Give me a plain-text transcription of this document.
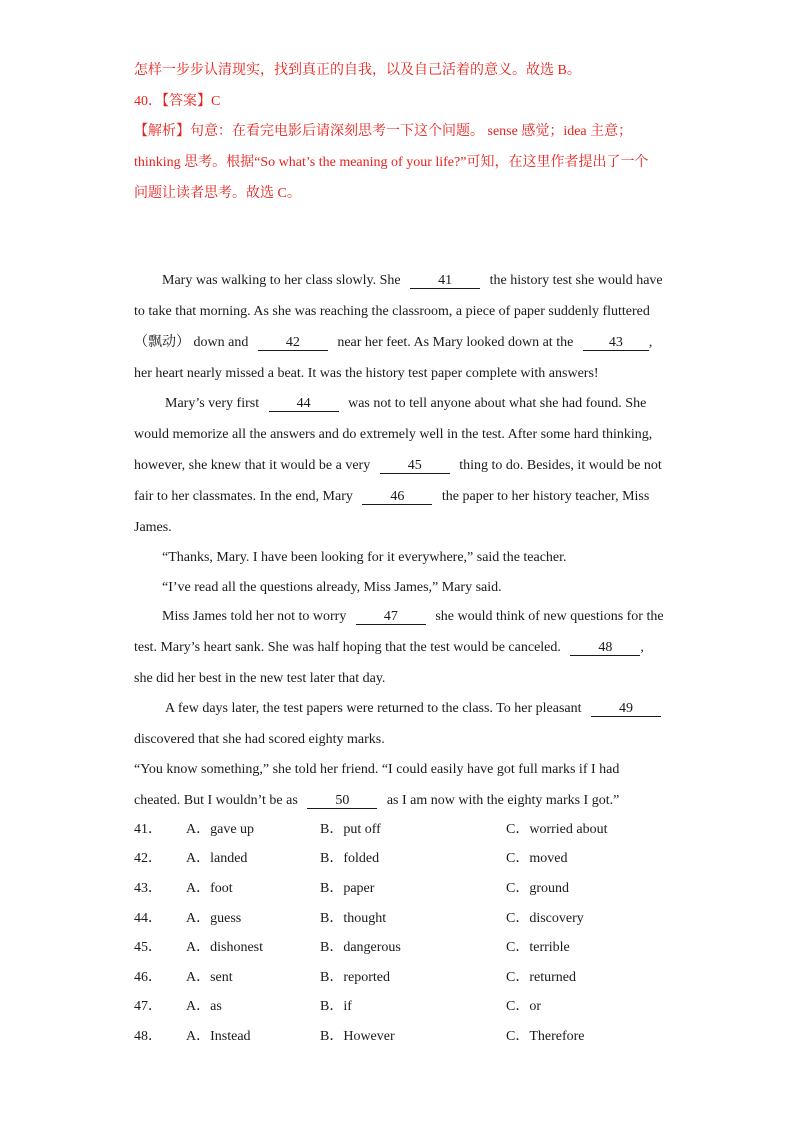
怎样一步步认清现实，找到真正的自我，以及自己活着的意义。故选 B。
40．【答案】C
【解析】句意：在看完电影后请深刻思考一下这个问题。 sense 感觉；idea 主意；
thinking 思考。根据“So what’s the meaning of your life?”可知，在这里作者提出了一个
问题让读者思考。故选 C。
Mary was walking to her class slowly. She	41	the history test she would have
to take that morning. As she was reaching the classroom, a piece of paper suddenly fluttered
（飘动） down and	42	near her feet. As Mary looked down at the	43 ,
her heart nearly missed a beat. It was the history test paper complete with answers!
Mary’s very first	44	was not to tell anyone about what she had found. She
would memorize all the answers and do extremely well in the test. After some hard thinking,
however, she knew that it would be a very	45	thing to do. Besides, it would be not
fair to her classmates. In the end, Mary	46	the paper to her history teacher, Miss
James.
“Thanks, Mary. I have been looking for it everywhere,” said the teacher.
“I’ve read all the questions already, Miss James,” Mary said.
Miss James told her not to worry	47	she would think of new questions for the
test. Mary’s heart sank. She was half hoping that the test would be canceled.	48 ,
she did her best in the new test later that day.
A few days later, the test papers were returned to the class. To her pleasant	49
discovered that she had scored eighty marks.
“You know something,” she told her friend. “I could easily have got full marks if I had
cheated. But I wouldn’t be as	50	as I am now with the eighty marks I got.”
41． A．gave up	B．put off	C．worried about
42． A．landed	B．folded	C．moved
43． A．foot	B．paper	C．ground
44． A．guess	B．thought	C．discovery
45． A．dishonest	B．dangerous	C．terrible
46． A．sent	B．reported	C．returned
47． A．as	B．if	C．or
48． A．Instead	B．However	C．Therefore
